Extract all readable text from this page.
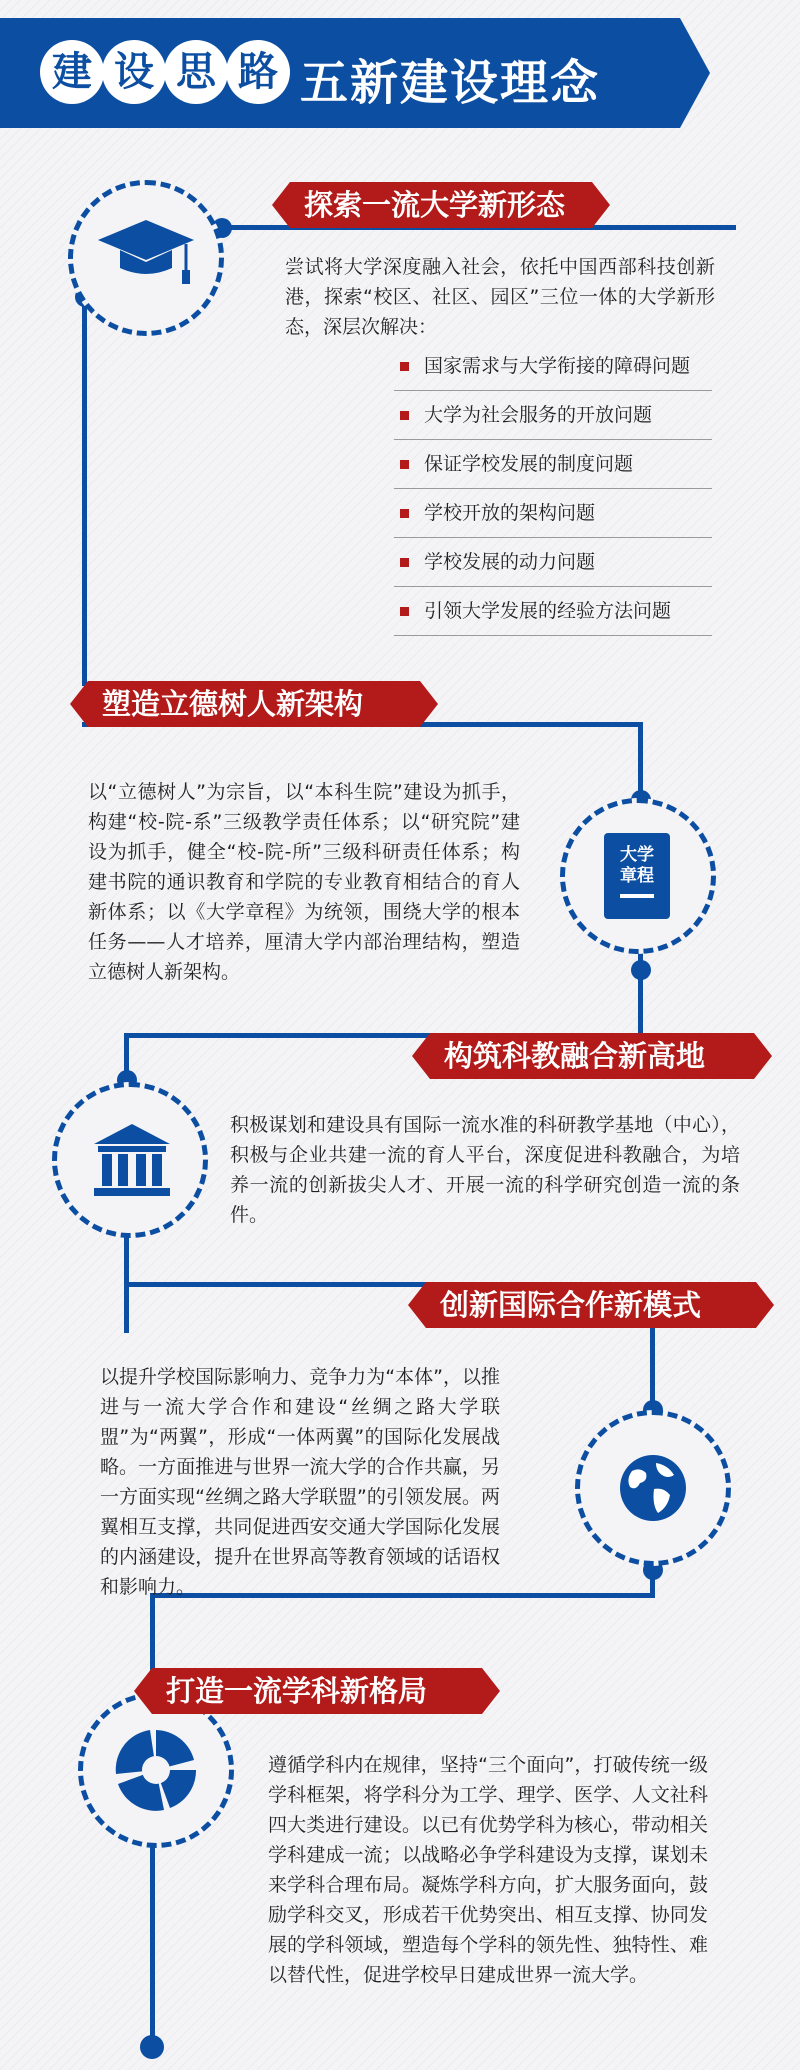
建 设 思 路 五新建设理念
大学
章程
探索一流大学新形态
尝试将大学深度融入社会，依托中国西部科技创新港，探索“校区、社区、园区”三位一体的大学新形态，深层次解决：
国家需求与大学衔接的障碍问题
大学为社会服务的开放问题
保证学校发展的制度问题
学校开放的架构问题
学校发展的动力问题
引领大学发展的经验方法问题
塑造立德树人新架构
以“立德树人”为宗旨，以“本科生院”建设为抓手，构建“校-院-系”三级教学责任体系；以“研究院”建设为抓手，健全“校-院-所”三级科研责任体系；构建书院的通识教育和学院的专业教育相结合的育人新体系；以《大学章程》为统领，围绕大学的根本任务——人才培养，厘清大学内部治理结构，塑造立德树人新架构。
构筑科教融合新高地
积极谋划和建设具有国际一流水准的科研教学基地（中心），积极与企业共建一流的育人平台，深度促进科教融合，为培养一流的创新拔尖人才、开展一流的科学研究创造一流的条件。
创新国际合作新模式
以提升学校国际影响力、竞争力为“本体”，以推进与一流大学合作和建设“丝绸之路大学联盟”为“两翼”，形成“一体两翼”的国际化发展战略。一方面推进与世界一流大学的合作共赢，另一方面实现“丝绸之路大学联盟”的引领发展。两翼相互支撑，共同促进西安交通大学国际化发展的内涵建设，提升在世界高等教育领域的话语权和影响力。
打造一流学科新格局
遵循学科内在规律，坚持“三个面向”，打破传统一级学科框架，将学科分为工学、理学、医学、人文社科四大类进行建设。以已有优势学科为核心，带动相关学科建成一流；以战略必争学科建设为支撑，谋划未来学科合理布局。凝炼学科方向，扩大服务面向，鼓励学科交叉，形成若干优势突出、相互支撑、协同发展的学科领域，塑造每个学科的领先性、独特性、难以替代性，促进学校早日建成世界一流大学。
